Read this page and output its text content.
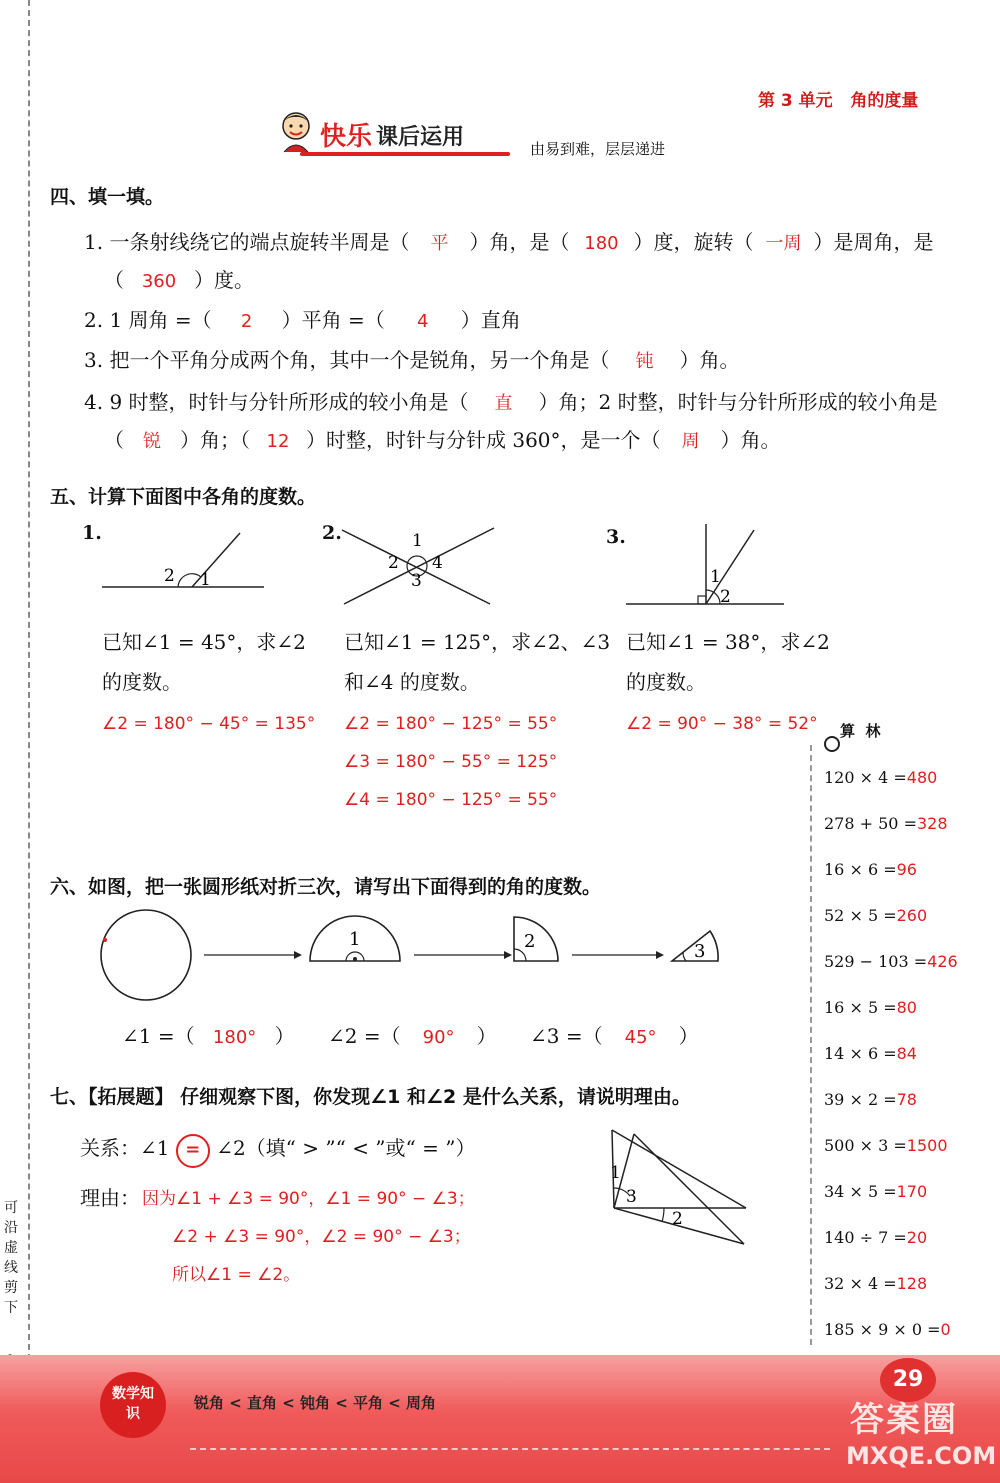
可沿虚线剪下
第 3 单元   角的度量
快乐 课后运用	由易到难，层层递进
四、填一填。
1. 一条射线绕它的端点旋转半周是（ 平 ）角，是（ 180 ）度，旋转（ 一周 ）是周角，是
（ 360 ）度。
2. 1 周角 =（ 2 ）平角 =（ 4 ）直角
3. 把一个平角分成两个角，其中一个是锐角，另一个角是（ 钝 ）角。
4. 9 时整，时针与分针所形成的较小角是（ 直 ）角；2 时整，时针与分针所形成的较小角是
（ 锐 ）角；（ 12 ）时整，时针与分针成 360°，是一个（ 周 ）角。
五、计算下面图中各角的度数。
1.
2 1
已知∠1 = 45°，求∠2
的度数。
∠2 = 180° − 45° = 135°
2.	1
2 4
3
已知∠1 = 125°，求∠2、∠3
和∠4 的度数。
∠2 = 180° − 125° = 55°
∠3 = 180° − 55° = 125°
∠4 = 180° − 125° = 55°
3.
1
2
已知∠1 = 38°，求∠2
的度数。
∠2 = 90° − 38° = 52°
六、如图，把一张圆形纸对折三次，请写出下面得到的角的度数。
1	2	3
∠1 =（ 180° ） ∠2 =（ 90° ） ∠3 =（ 45° ）
七、【拓展题】 仔细观察下图，你发现∠1 和∠2 是什么关系，请说明理由。
关系：∠1 = ∠2（填“ > ”“ < ”或“ = ”）
理由： 因为∠1 + ∠3 = 90°，∠1 = 90° − ∠3；
∠2 + ∠3 = 90°，∠2 = 90° − ∠3；
所以∠1 = ∠2。
1
3
2
算  林
120 × 4 =480
278 + 50 =328
16 × 6 =96
52 × 5 =260
529 − 103 =426
16 × 5 =80
14 × 6 =84
39 × 2 =78
500 × 3 =1500
34 × 5 =170
140 ÷ 7 =20
32 × 4 =128
185 × 9 × 0 =0
数学知识
锐角 < 直角 < 钝角 < 平角 < 周角
29
答案圈
MXQE.COM
